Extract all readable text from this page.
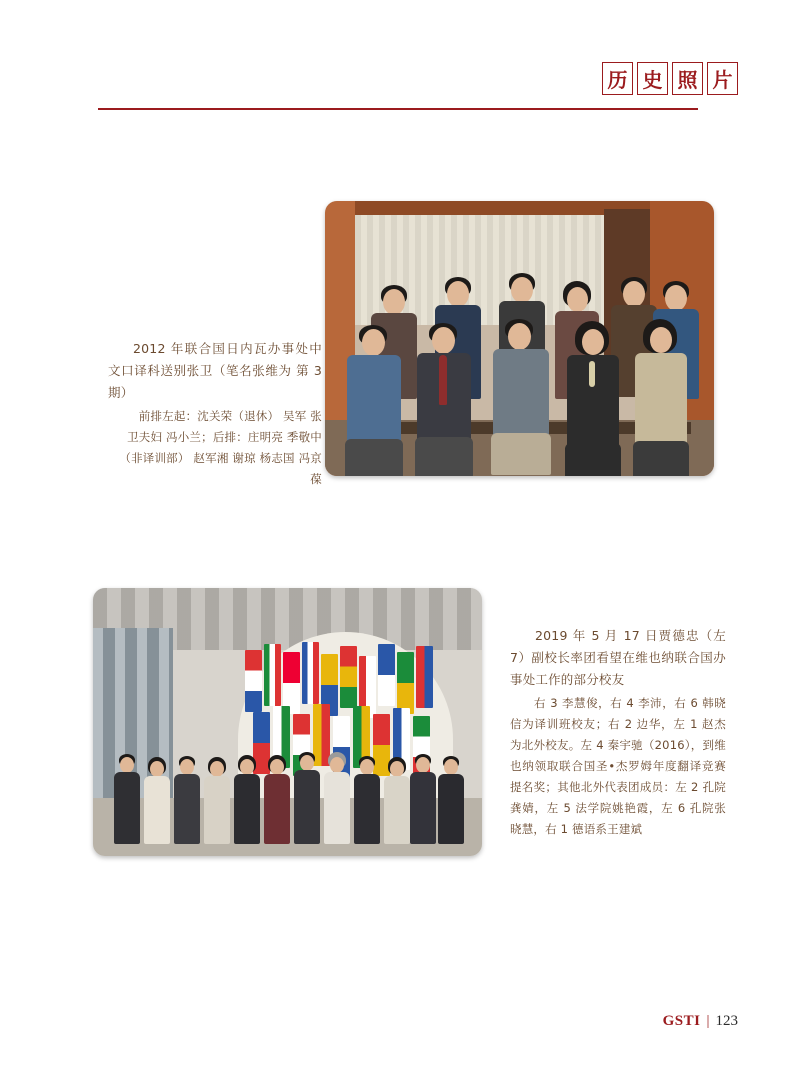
历 史 照 片

2012 年联合国日内瓦办事处中文口译科送别张卫（笔名张维为 第 3 期）

前排左起：沈关荣（退休） 吴军 张卫夫妇 冯小兰；后排：庄明亮 季敬中（非译训部） 赵军湘 谢琼 杨志国 冯京葆

2019 年 5 月 17 日贾德忠（左 7）副校长率团看望在维也纳联合国办事处工作的部分校友

右 3 李慧俊，右 4 李沛，右 6 韩晓信为译训班校友；右 2 边华，左 1 赵杰为北外校友。左 4 秦宇驰（2016），到维也纳领取联合国圣•杰罗姆年度翻译竞赛提名奖；其他北外代表团成员：左 2 孔院龚婧，左 5 法学院姚艳霞，左 6 孔院张晓慧，右 1 德语系王建斌

GSTI | 123
